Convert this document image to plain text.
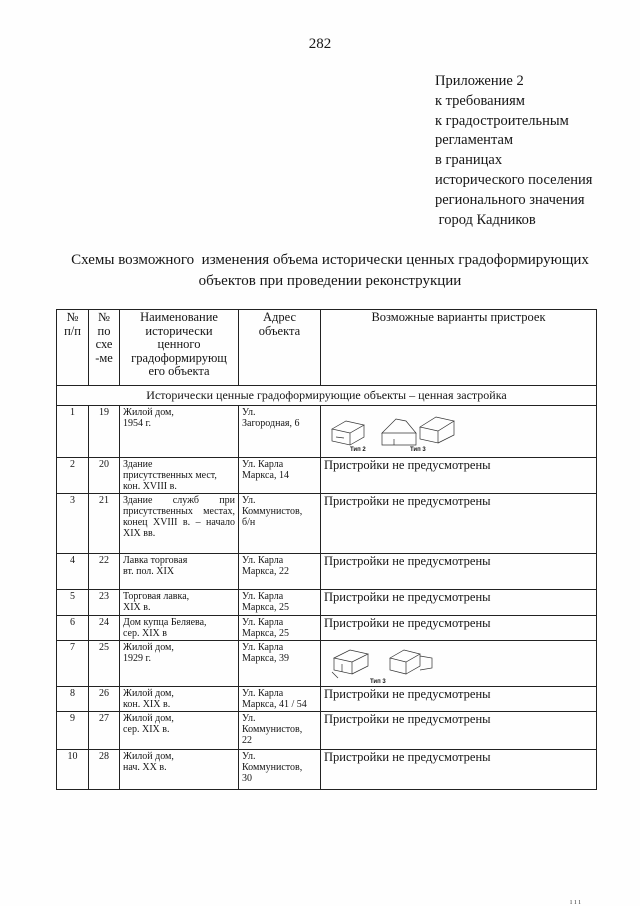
282
Приложение 2
к требованиям
к градостроительным
регламентам
в границах
исторического поселения
регионального значения
город Кадников
Схемы возможного  изменения объема исторически ценных градоформирующих
объектов при проведении реконструкции
№ п/п	№ по схе -ме	Наименование исторически ценного градоформирующ его объекта	Адрес объекта	Возможные варианты пристроек
Исторически ценные градоформирующие объекты – ценная застройка				
1	19	Жилой дом,
1954 г.	Ул.
Загородная, 6	Тип 2 Тип 3

2	20	Здание
присутственных мест,
кон. XVIII в.	Ул. Карла
Маркса, 14	Пристройки не предусмотрены
3	21	Здание служб при присутственных местах, конец XVIII в. – начало XIX вв.	Ул.
Коммунистов,
б/н	Пристройки не предусмотрены
4	22	Лавка торговая
вт. пол. XIX	Ул. Карла
Маркса, 22	Пристройки не предусмотрены
5	23	Торговая лавка,
XIX в.	Ул. Карла
Маркса, 25	Пристройки не предусмотрены
6	24	Дом купца Беляева,
сер. XIX в	Ул. Карла
Маркса, 25	Пристройки не предусмотрены
7	25	Жилой дом,
1929 г.	Ул. Карла
Маркса, 39	Тип 3

8	26	Жилой дом,
кон. XIX в.	Ул. Карла
Маркса, 41 / 54	Пристройки не предусмотрены
9	27	Жилой дом,
сер. XIX в.	Ул.
Коммунистов,
22	Пристройки не предусмотрены
10	28	Жилой дом,
нач. XX в.	Ул.
Коммунистов,
30	Пристройки не предусмотрены
ııı
